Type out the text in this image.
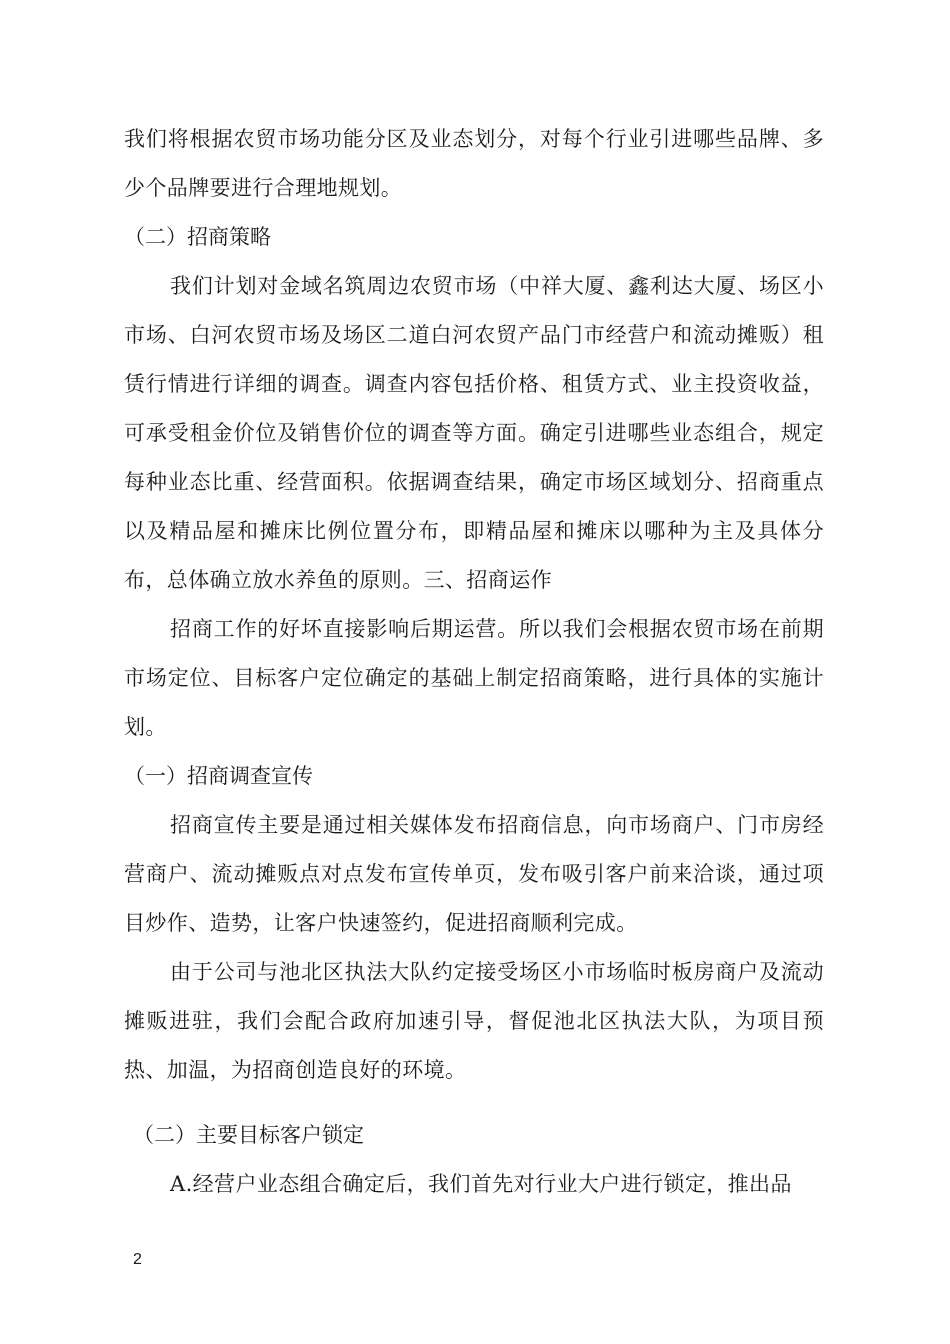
我们将根据农贸市场功能分区及业态划分，对每个行业引进哪些品牌、多少个品牌要进行合理地规划。

（二）招商策略

我们计划对金域名筑周边农贸市场（中祥大厦、鑫利达大厦、场区小市场、白河农贸市场及场区二道白河农贸产品门市经营户和流动摊贩）租赁行情进行详细的调查。调查内容包括价格、租赁方式、业主投资收益，可承受租金价位及销售价位的调查等方面。确定引进哪些业态组合，规定每种业态比重、经营面积。依据调查结果，确定市场区域划分、招商重点以及精品屋和摊床比例位置分布，即精品屋和摊床以哪种为主及具体分布，总体确立放水养鱼的原则。三、招商运作

招商工作的好坏直接影响后期运营。所以我们会根据农贸市场在前期市场定位、目标客户定位确定的基础上制定招商策略，进行具体的实施计划。

（一）招商调查宣传

招商宣传主要是通过相关媒体发布招商信息，向市场商户、门市房经营商户、流动摊贩点对点发布宣传单页，发布吸引客户前来洽谈，通过项目炒作、造势，让客户快速签约，促进招商顺利完成。

由于公司与池北区执法大队约定接受场区小市场临时板房商户及流动摊贩进驻，我们会配合政府加速引导，督促池北区执法大队，为项目预热、加温，为招商创造良好的环境。

（二）主要目标客户锁定

A.经营户业态组合确定后，我们首先对行业大户进行锁定，推出品

2
